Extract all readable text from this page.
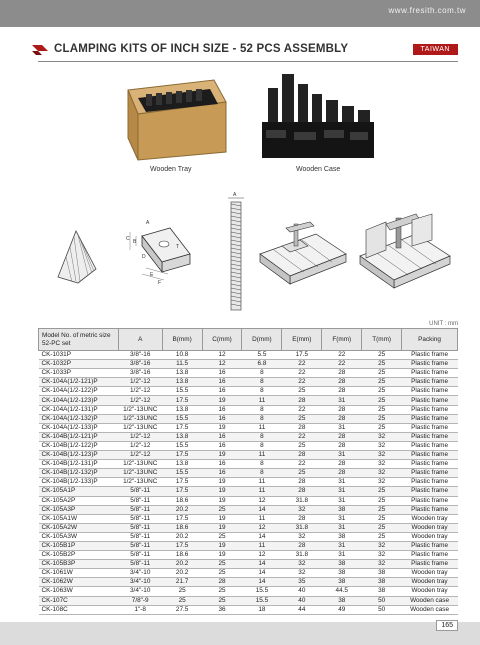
www.fresith.com.tw
CLAMPING KITS OF INCH SIZE - 52 PCS ASSEMBLY	TAIWAN
Wooden Tray	Wooden Case
C B
A
E
F
D
T
A
UNIT : mm
Model No. of metric size 52-PC set	A	B(mm)	C(mm)	D(mm)	E(mm)	F(mm)	T(mm)	Packing
CK-1031P	3/8"-16	10.8	12	5.5	17.5	22	25	Plastic frame
CK-1032P	3/8"-16	11.5	12	6.8	22	22	25	Plastic frame
CK-1033P	3/8"-16	13.8	16	8	22	28	25	Plastic frame
CK-104A(1/2-121)P	1/2"-12	13.8	16	8	22	28	25	Plastic frame
CK-104A(1/2-122)P	1/2"-12	15.5	16	8	25	28	25	Plastic frame
CK-104A(1/2-123)P	1/2"-12	17.5	19	11	28	31	25	Plastic frame
CK-104A(1/2-131)P	1/2"-13UNC	13.8	16	8	22	28	25	Plastic frame
CK-104A(1/2-132)P	1/2"-13UNC	15.5	16	8	25	28	25	Plastic frame
CK-104A(1/2-133)P	1/2"-13UNC	17.5	19	11	28	31	25	Plastic frame
CK-104B(1/2-121)P	1/2"-12	13.8	16	8	22	28	32	Plastic frame
CK-104B(1/2-122)P	1/2"-12	15.5	16	8	25	28	32	Plastic frame
CK-104B(1/2-123)P	1/2"-12	17.5	19	11	28	31	32	Plastic frame
CK-104B(1/2-131)P	1/2"-13UNC	13.8	16	8	22	28	32	Plastic frame
CK-104B(1/2-132)P	1/2"-13UNC	15.5	16	8	25	28	32	Plastic frame
CK-104B(1/2-133)P	1/2"-13UNC	17.5	19	11	28	31	32	Plastic frame
CK-105A1P	5/8"-11	17.5	19	11	28	31	25	Plastic frame
CK-105A2P	5/8"-11	18.6	19	12	31.8	31	25	Plastic frame
CK-105A3P	5/8"-11	20.2	25	14	32	38	25	Plastic frame
CK-105A1W	5/8"-11	17.5	19	11	28	31	25	Wooden tray
CK-105A2W	5/8"-11	18.6	19	12	31.8	31	25	Wooden tray
CK-105A3W	5/8"-11	20.2	25	14	32	38	25	Wooden tray
CK-105B1P	5/8"-11	17.5	19	11	28	31	32	Plastic frame
CK-105B2P	5/8"-11	18.6	19	12	31.8	31	32	Plastic frame
CK-105B3P	5/8"-11	20.2	25	14	32	38	32	Plastic frame
CK-1061W	3/4"-10	20.2	25	14	32	38	38	Wooden tray
CK-1062W	3/4"-10	21.7	28	14	35	38	38	Wooden tray
CK-1063W	3/4"-10	25	25	15.5	40	44.5	38	Wooden tray
CK-107C	7/8"-9	25	25	15.5	40	38	50	Wooden case
CK-108C	1"-8	27.5	36	18	44	49	50	Wooden case
165
